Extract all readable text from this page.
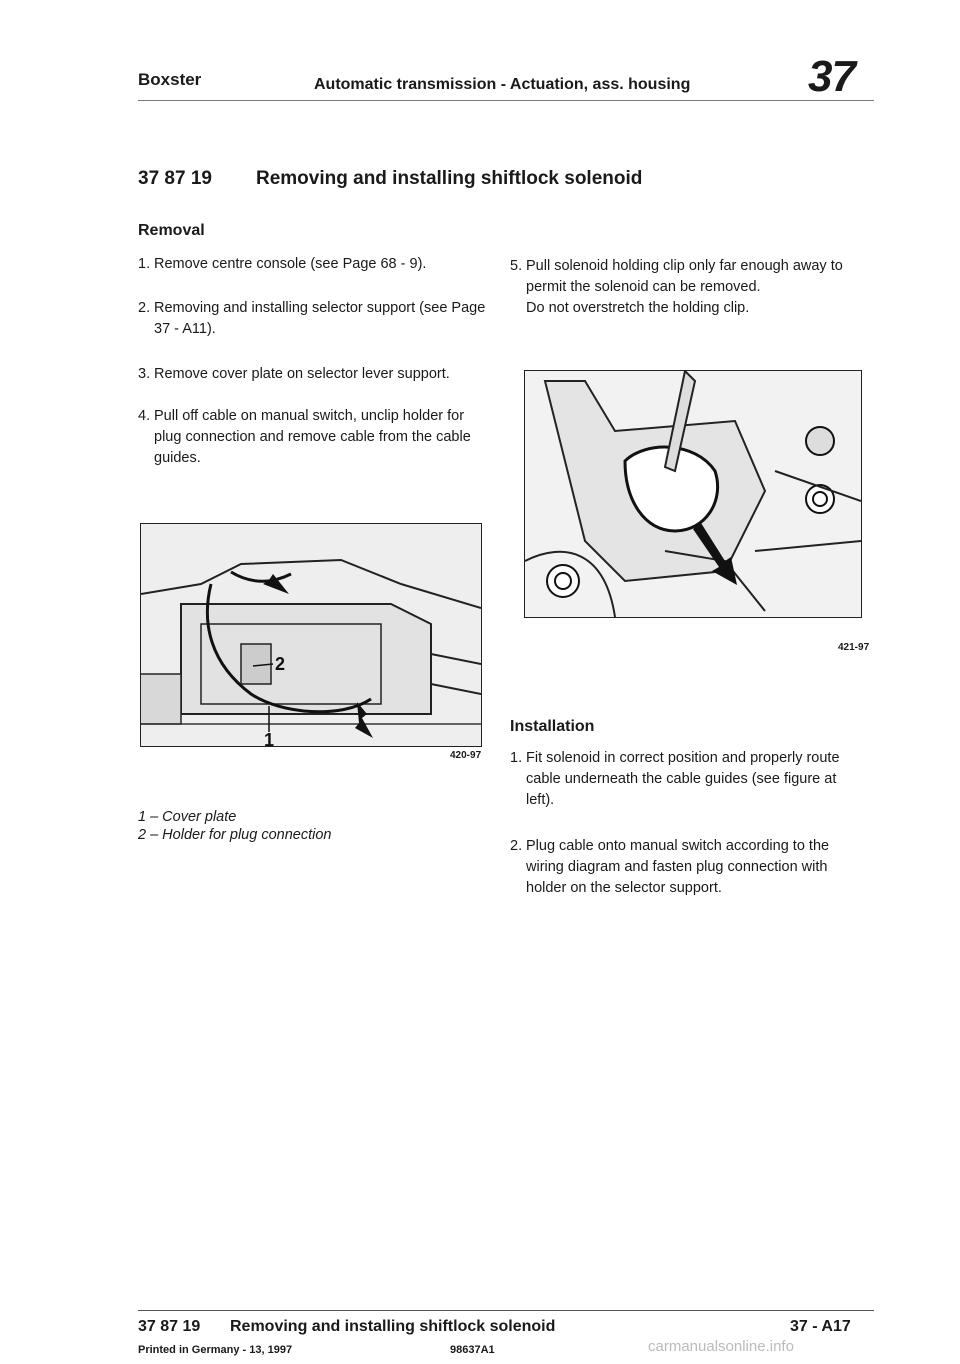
Boxster	Automatic transmission - Actuation, ass. housing	37
37 87 19 Removing and installing shiftlock solenoid
Removal
1. Remove centre console (see Page 68 - 9).
2. Removing and installing selector support (see Page 37 - A11).
3. Remove cover plate on selector lever support.
4. Pull off cable on manual switch, unclip holder for plug connection and remove cable from the cable guides.
5. Pull solenoid holding clip only far enough away to permit the solenoid can be removed.
Do not overstretch the holding clip.
2
1
420-97
1 – Cover plate
2 – Holder for plug connection
421-97
Installation
1. Fit solenoid in correct position and properly route cable underneath the cable guides (see figure at left).
2. Plug cable onto manual switch according to the wiring diagram and fasten plug connection with holder on the selector support.
37 87 19 Removing and installing shiftlock solenoid	37 - A17
Printed in Germany - 13, 1997	98637A1	carmanualsonline.info
